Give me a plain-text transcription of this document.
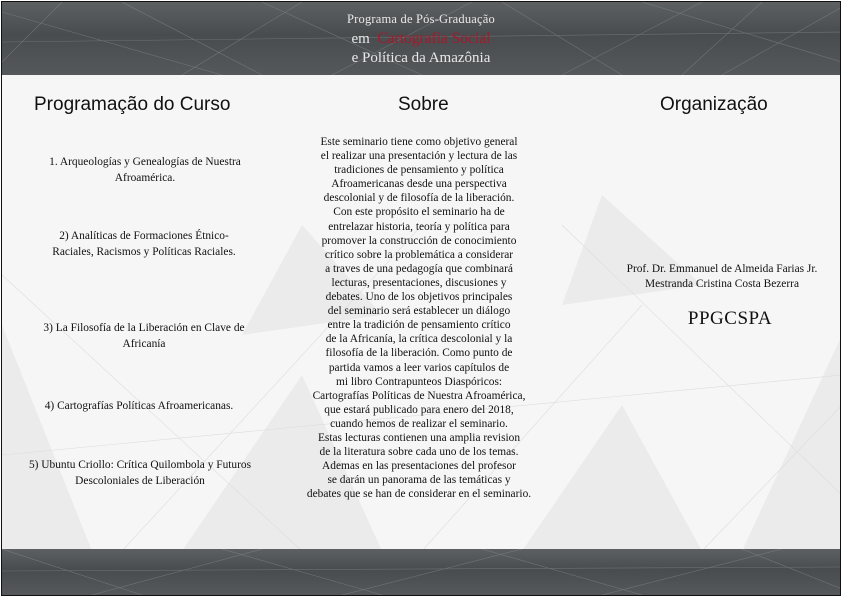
Programa de Pós-Graduação
em Cartografia Social
e Política da Amazônia
Programação do Curso
1. Arqueologías y Genealogías de Nuestra Afroamérica.
2) Analíticas de Formaciones Étnico-Raciales, Racismos y Políticas Raciales.
3) La Filosofía de la Liberación en Clave de Africanía
4) Cartografías Políticas Afroamericanas.
5) Ubuntu Criollo: Crítica Quilombola y Futuros Descoloniales de Liberación
Sobre
Este seminario tiene como objetivo general
el realizar una presentación y lectura de las
tradiciones de pensamiento y política
Afroamericanas desde una perspectiva
descolonial y de filosofía de la liberación.
Con este propósito el seminario ha de
entrelazar historia, teoría y política para
promover la construcción de conocimiento
crítico sobre la problemática a considerar
a traves de una pedagogía que combinará
lecturas, presentaciones, discusiones y
debates. Uno de los objetivos principales
del seminario será establecer un diálogo
entre la tradición de pensamiento crítico
de la Africanía, la crítica descolonial y la
filosofía de la liberación. Como punto de
partida vamos a leer varios capítulos de
mi libro Contrapunteos Diaspóricos:
Cartografías Políticas de Nuestra Afroamérica,
que estará publicado para enero del 2018,
cuando hemos de realizar el seminario.
Estas lecturas contienen una amplia revision
de la literatura sobre cada uno de los temas.
Ademas en las presentaciones del profesor
se darán un panorama de las temáticas y
debates que se han de considerar en el seminario.
Organização
Prof. Dr. Emmanuel de Almeida Farias Jr.
Mestranda Cristina Costa Bezerra
PPGCSPA
